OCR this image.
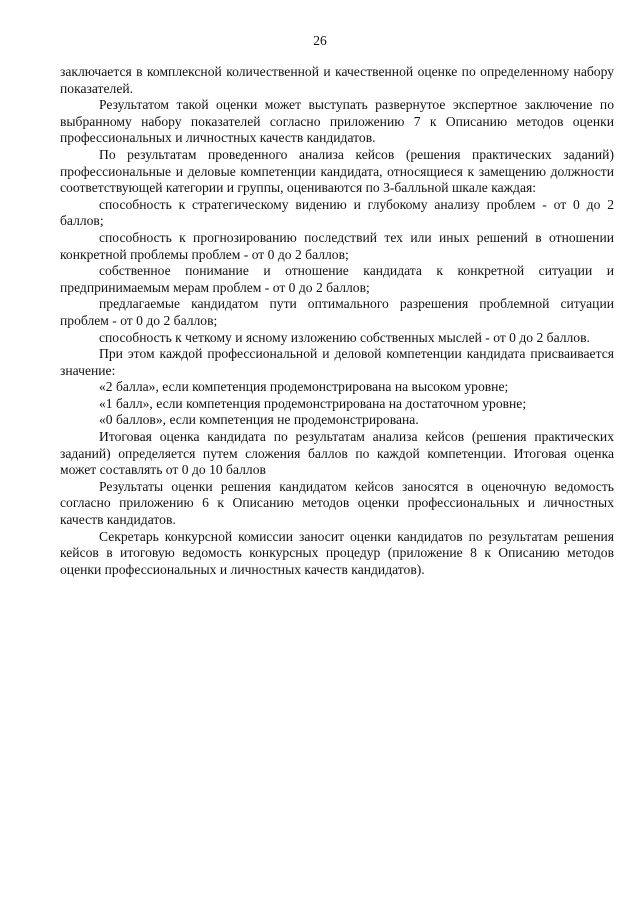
26

заключается в комплексной количественной и качественной оценке по определенному набору показателей.

Результатом такой оценки может выступать развернутое экспертное заключение по выбранному набору показателей согласно приложению 7 к Описанию методов оценки профессиональных и личностных качеств кандидатов.

По результатам проведенного анализа кейсов (решения практических заданий) профессиональные и деловые компетенции кандидата, относящиеся к замещению должности соответствующей категории и группы, оцениваются по 3-балльной шкале каждая:

способность к стратегическому видению и глубокому анализу проблем - от 0 до 2 баллов;

способность к прогнозированию последствий тех или иных решений в отношении конкретной проблемы проблем - от 0 до 2 баллов;

собственное понимание и отношение кандидата к конкретной ситуации и предпринимаемым мерам проблем - от 0 до 2 баллов;

предлагаемые кандидатом пути оптимального разрешения проблемной ситуации проблем - от 0 до 2 баллов;

способность к четкому и ясному изложению собственных мыслей - от 0 до 2 баллов.

При этом каждой профессиональной и деловой компетенции кандидата присваивается значение:

«2 балла», если компетенция продемонстрирована на высоком уровне;

«1 балл», если компетенция продемонстрирована на достаточном уровне;

«0 баллов», если компетенция не продемонстрирована.

Итоговая оценка кандидата по результатам анализа кейсов (решения практических заданий) определяется путем сложения баллов по каждой компетенции. Итоговая оценка может составлять от 0 до 10 баллов

Результаты оценки решения кандидатом кейсов заносятся в оценочную ведомость согласно приложению 6 к Описанию методов оценки профессиональных и личностных качеств кандидатов.

Секретарь конкурсной комиссии заносит оценки кандидатов по результатам решения кейсов в итоговую ведомость конкурсных процедур (приложение 8 к Описанию методов оценки профессиональных и личностных качеств кандидатов).
